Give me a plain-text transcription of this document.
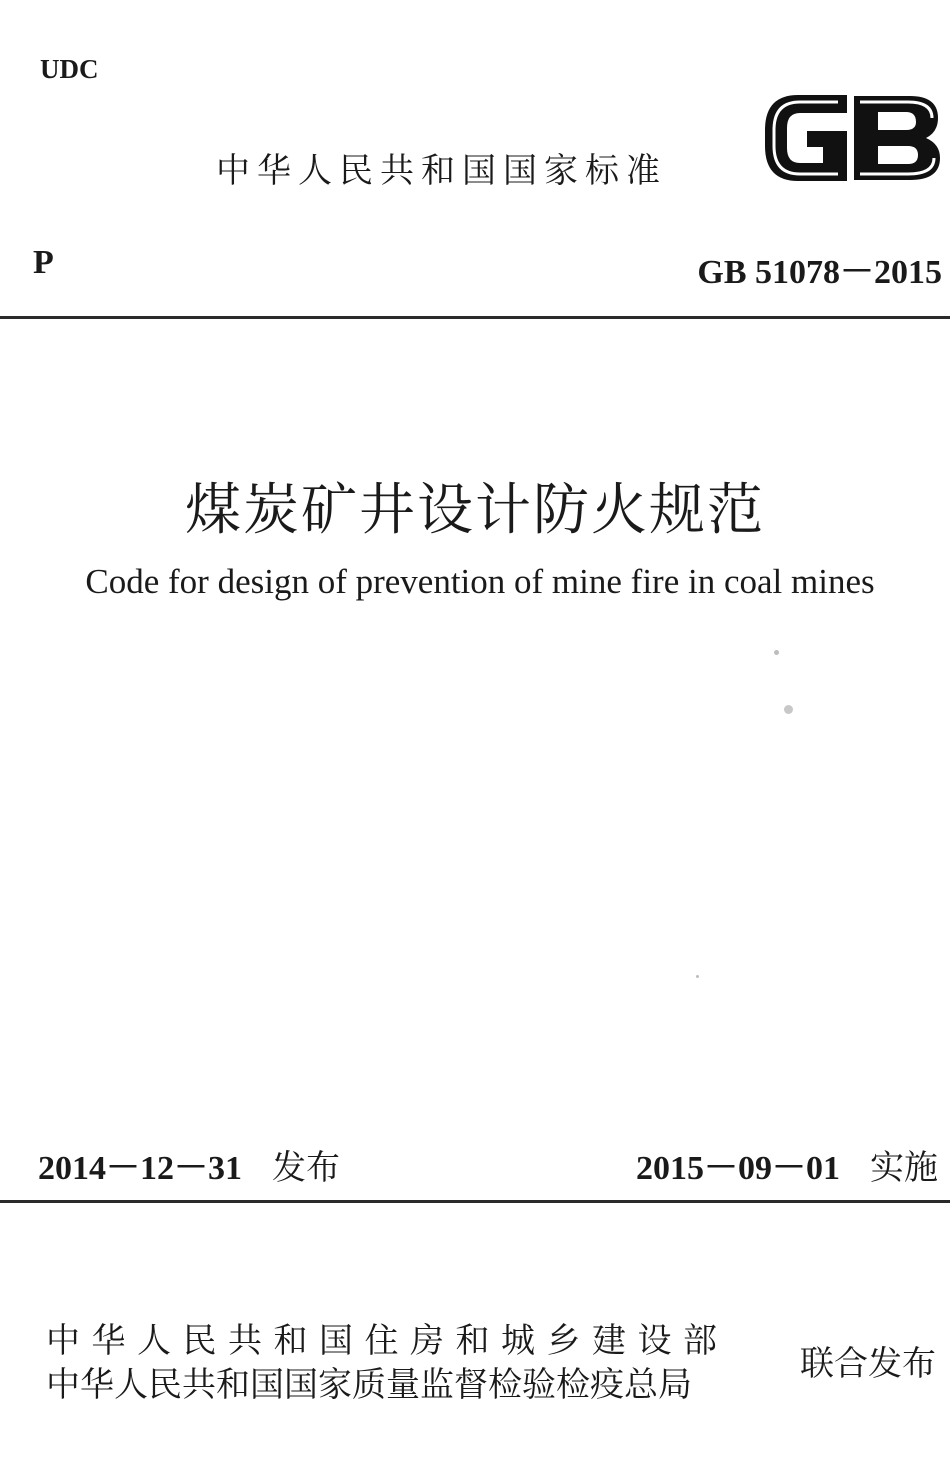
UDC
中华人民共和国国家标准
P	GB 51078－2015
煤炭矿井设计防火规范
Code for design of prevention of mine fire in coal mines
2014－12－31 发布	2015－09－01 实施
中华人民共和国住房和城乡建设部
中华人民共和国国家质量监督检验检疫总局
联合发布
